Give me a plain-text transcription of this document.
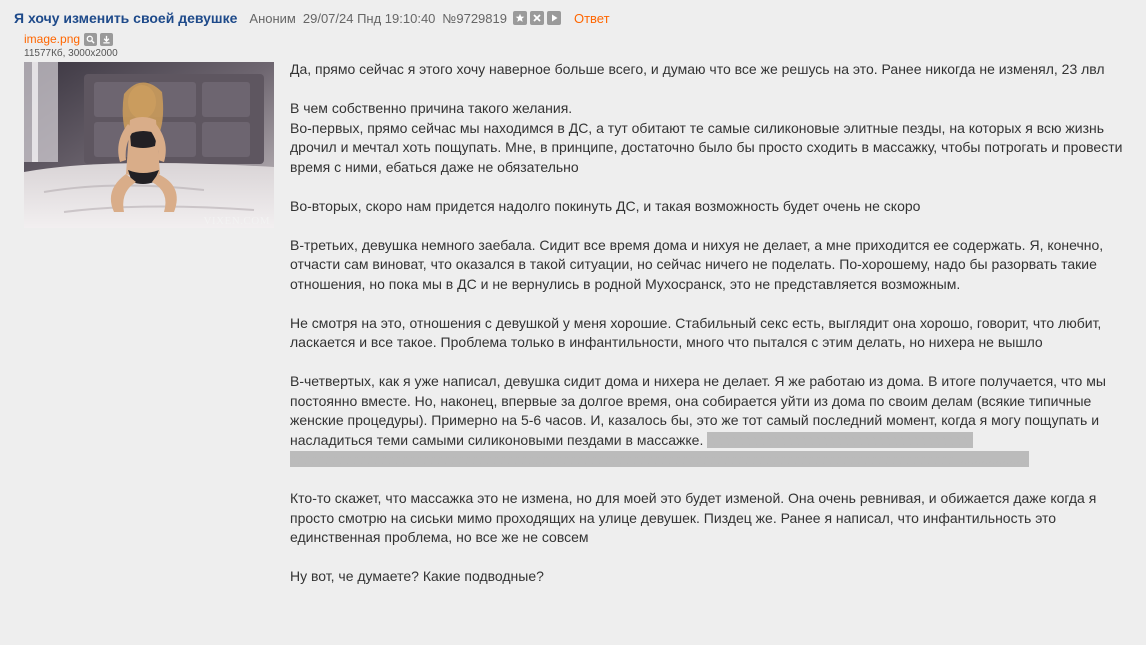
Я хочу изменить своей девушке Аноним 29/07/24 Пнд 19:10:40 №9729819	Ответ
image.png
11577Кб, 3000x2000
VIXEN.COM

Да, прямо сейчас я этого хочу наверное больше всего, и думаю что все же решусь на это. Ранее никогда не изменял, 23 лвл

В чем собственно причина такого желания.
Во-первых, прямо сейчас мы находимся в ДС, а тут обитают те самые силиконовые элитные пезды, на которых я всю жизнь дрочил и мечтал хоть пощупать. Мне, в принципе, достаточно было бы просто сходить в массажку, чтобы потрогать и провести время с ними, ебаться даже не обязательно

Во-вторых, скоро нам придется надолго покинуть ДС, и такая возможность будет очень не скоро

В-третьих, девушка немного заебала. Сидит все время дома и нихуя не делает, а мне приходится ее содержать. Я, конечно, отчасти сам виноват, что оказался в такой ситуации, но сейчас ничего не поделать. По-хорошему, надо бы разорвать такие отношения, но пока мы в ДС и не вернулись в родной Мухосранск, это не представляется возможным.

Не смотря на это, отношения с девушкой у меня хорошие. Стабильный секс есть, выглядит она хорошо, говорит, что любит, ласкается и все такое. Проблема только в инфантильности, много что пытался с этим делать, но нихера не вышло

В-четвертых, как я уже написал, девушка сидит дома и нихера не делает. Я же работаю из дома. В итоге получается, что мы постоянно вместе. Но, наконец, впервые за долгое время, она собирается уйти из дома по своим делам (всякие типичные женские процедуры). Примерно на 5-6 часов. И, казалось бы, это же тот самый последний момент, когда я могу пощупать и насладиться теми самыми силиконовыми пездами в массажке. xxxxxxxxxxxxxxxxxxxxxxxxxxxxxxxxxxxxxx xxxxxxxxxxxxxxxxxxxxxxxxxxxxxxxxxxxxxxxxxxxxxxxxxxxxxxxxxxxxxxxxxxxxxxxxxxxxxxxxxxxxxxxxxxxxxxx xxxxxxxxxx

Кто-то скажет, что массажка это не измена, но для моей это будет изменой. Она очень ревнивая, и обижается даже когда я просто смотрю на сиськи мимо проходящих на улице девушек. Пиздец же. Ранее я написал, что инфантильность это единственная проблема, но все же не совсем

Ну вот, че думаете? Какие подводные?
